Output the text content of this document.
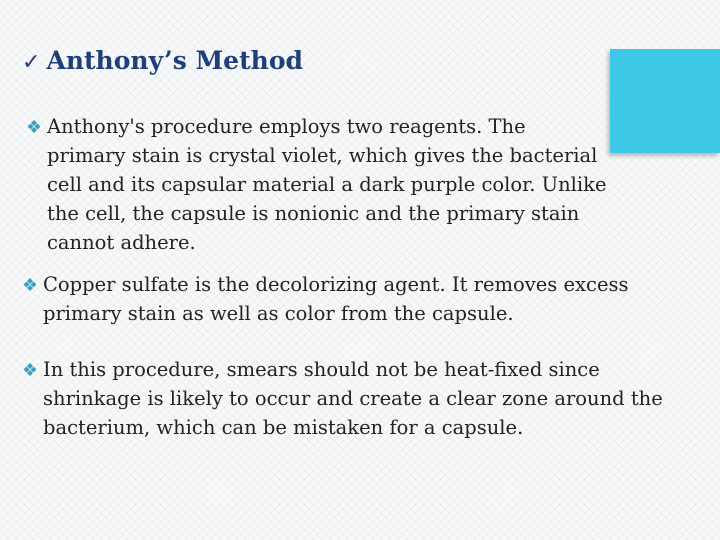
✓ Anthony’s Method
Anthony's procedure employs two reagents. The primary stain is crystal violet, which gives the bacterial cell and its capsular material a dark purple color. Unlike the cell, the capsule is nonionic and the primary stain cannot adhere.
Copper sulfate is the decolorizing agent. It removes excess primary stain as well as color from the capsule.
In this procedure, smears should not be heat-fixed since shrinkage is likely to occur and create a clear zone around the bacterium, which can be mistaken for a capsule.
